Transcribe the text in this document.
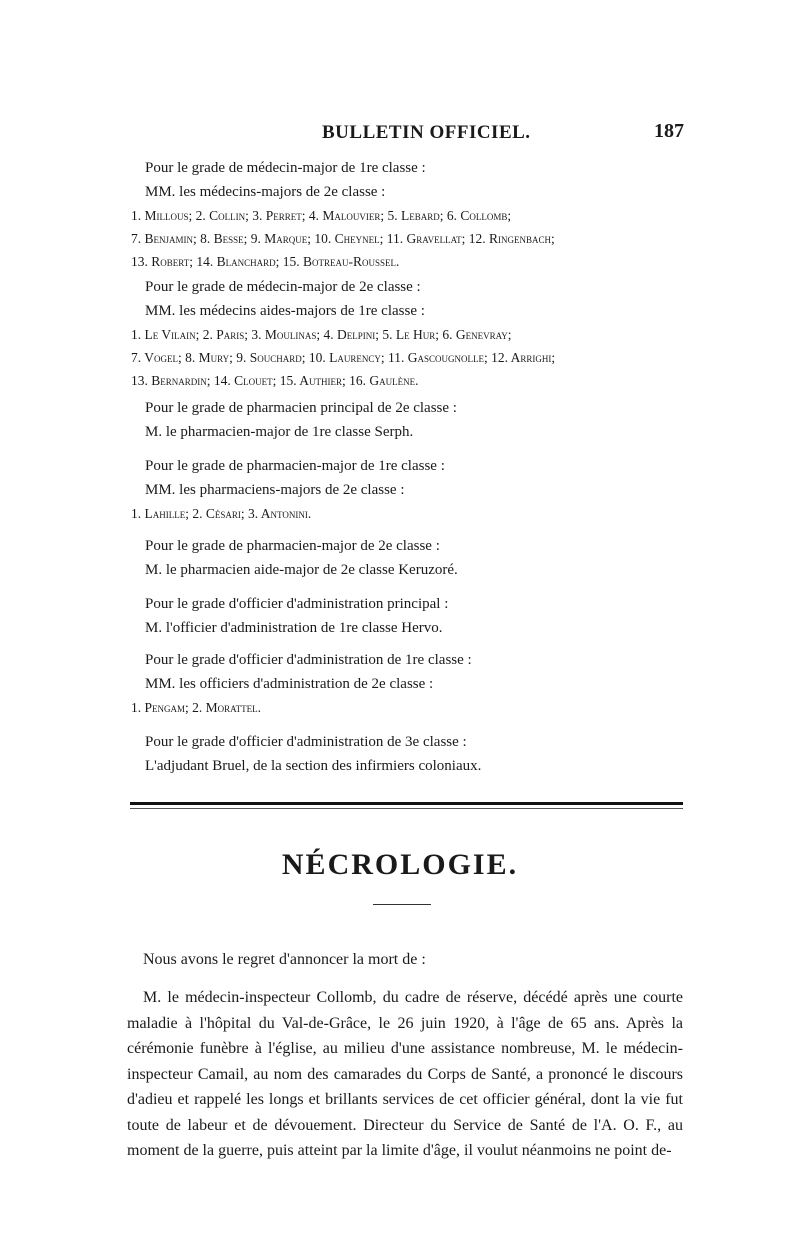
BULLETIN OFFICIEL.	187

Pour le grade de médecin-major de 1re classe :

MM. les médecins-majors de 2e classe :

1. Millous; 2. Collin; 3. Perret; 4. Malouvier; 5. Lebard; 6. Collomb;

7. Benjamin; 8. Besse; 9. Marque; 10. Cheynel; 11. Gravellat; 12. Ringenbach;

13. Robert; 14. Blanchard; 15. Botreau-Roussel.

Pour le grade de médecin-major de 2e classe :

MM. les médecins aides-majors de 1re classe :

1. Le Vilain; 2. Paris; 3. Moulinas; 4. Delpini; 5. Le Hur; 6. Genevray;

7. Vogel; 8. Mury; 9. Souchard; 10. Laurency; 11. Gascougnolle; 12. Arrighi;

13. Bernardin; 14. Clouet; 15. Authier; 16. Gaulène.

Pour le grade de pharmacien principal de 2e classe :

M. le pharmacien-major de 1re classe Serph.

Pour le grade de pharmacien-major de 1re classe :

MM. les pharmaciens-majors de 2e classe :

1. Lahille; 2. Césari; 3. Antonini.

Pour le grade de pharmacien-major de 2e classe :

M. le pharmacien aide-major de 2e classe Keruzoré.

Pour le grade d'officier d'administration principal :

M. l'officier d'administration de 1re classe Hervo.

Pour le grade d'officier d'administration de 1re classe :

MM. les officiers d'administration de 2e classe :

1. Pengam; 2. Morattel.

Pour le grade d'officier d'administration de 3e classe :

L'adjudant Bruel, de la section des infirmiers coloniaux.

NÉCROLOGIE.

Nous avons le regret d'annoncer la mort de :

M. le médecin-inspecteur Collomb, du cadre de réserve, décédé après une courte maladie à l'hôpital du Val-de-Grâce, le 26 juin 1920, à l'âge de 65 ans. Après la cérémonie funèbre à l'église, au milieu d'une assistance nombreuse, M. le médecin-inspecteur Camail, au nom des camarades du Corps de Santé, a prononcé le discours d'adieu et rappelé les longs et brillants services de cet officier général, dont la vie fut toute de labeur et de dévouement. Directeur du Service de Santé de l'A. O. F., au moment de la guerre, puis atteint par la limite d'âge, il voulut néanmoins ne point de-
